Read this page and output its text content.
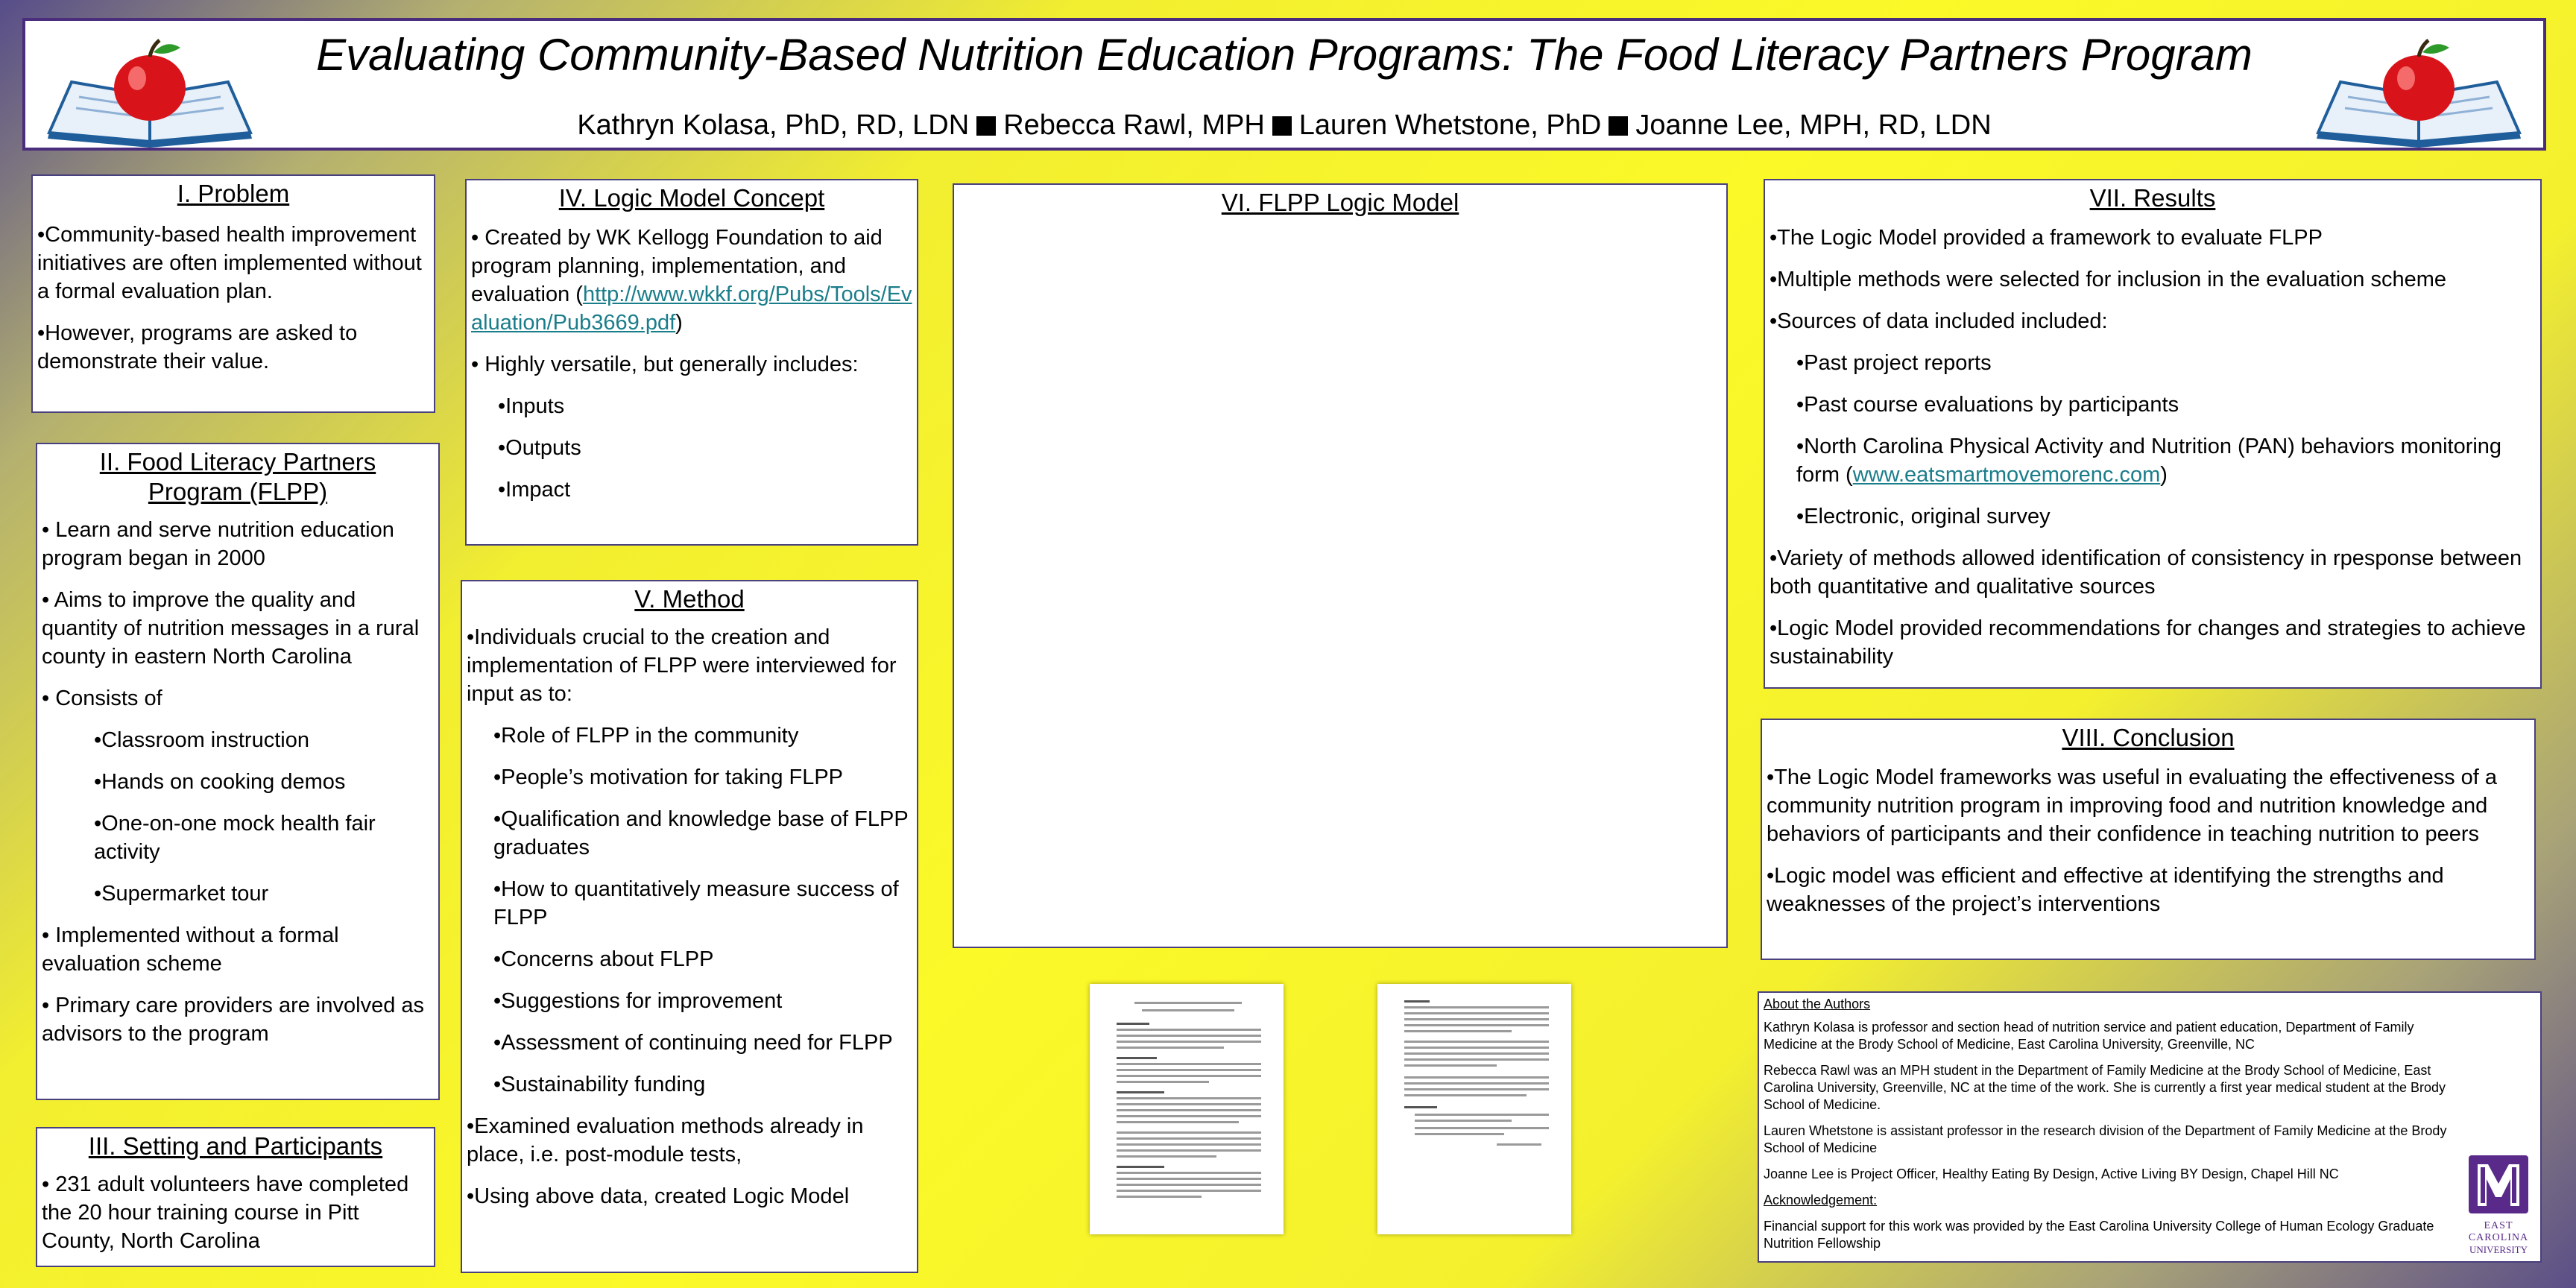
Evaluating Community-Based Nutrition Education Programs: The Food Literacy Partners Program

Kathryn Kolasa, PhD, RD, LDN Rebecca Rawl, MPH Lauren Whetstone, PhD Joanne Lee, MPH, RD, LDN

I. Problem

•Community-based health improvement initiatives are often implemented without a formal evaluation plan.

•However, programs are asked to demonstrate their value.

II. Food Literacy Partners Program (FLPP)

• Learn and serve nutrition education program began in 2000

• Aims to improve the quality and quantity of nutrition messages in a rural county in eastern North Carolina

• Consists of

•Classroom instruction

•Hands on cooking demos

•One-on-one mock health fair activity

•Supermarket tour

• Implemented without a formal evaluation scheme

• Primary care providers are involved as advisors to the program

III. Setting and Participants

• 231 adult volunteers have completed the 20 hour training course in Pitt County, North Carolina

IV. Logic Model Concept

• Created by WK Kellogg Foundation to aid program planning, implementation, and evaluation (http://www.wkkf.org/Pubs/Tools/Evaluation/Pub3669.pdf)

• Highly versatile, but generally includes:

•Inputs

•Outputs

•Impact

V. Method

•Individuals crucial to the creation and implementation of FLPP were interviewed for input as to:

•Role of FLPP in the community

•People’s motivation for taking FLPP

•Qualification and knowledge base of FLPP graduates

•How to quantitatively measure success of FLPP

•Concerns about FLPP

•Suggestions for improvement

•Assessment of continuing need for FLPP

•Sustainability funding

•Examined evaluation methods already in place, i.e. post-module tests,

•Using above data, created Logic Model

VI. FLPP Logic Model	VII. Results

•The Logic Model provided a framework to evaluate FLPP

•Multiple methods were selected for inclusion in the evaluation scheme

•Sources of data included included:

•Past project reports

•Past course evaluations by participants

•North Carolina Physical Activity and Nutrition (PAN) behaviors monitoring form (www.eatsmartmovemorenc.com)

•Electronic, original survey

•Variety of methods allowed identification of consistency in rpesponse between both quantitative and qualitative sources

•Logic Model provided recommendations for changes and strategies to achieve sustainability

VIII. Conclusion

•The Logic Model frameworks was useful in evaluating the effectiveness of a community nutrition program in improving food and nutrition knowledge and behaviors of participants and their confidence in teaching nutrition to peers

•Logic model was efficient and effective at identifying the strengths and weaknesses of the project’s interventions

About the Authors

Kathryn Kolasa is professor and section head of nutrition service and patient education, Department of Family Medicine at the Brody School of Medicine, East Carolina University, Greenville, NC

Rebecca Rawl was an MPH student in the Department of Family Medicine at the Brody School of Medicine, East Carolina University, Greenville, NC at the time of the work. She is currently a first year medical student at the Brody School of Medicine.

Lauren Whetstone is assistant professor in the research division of the Department of Family Medicine at the Brody School of Medicine

Joanne Lee is Project Officer, Healthy Eating By Design, Active Living BY Design, Chapel Hill NC

Acknowledgement:

Financial support for this work was provided by the East Carolina University College of Human Ecology Graduate Nutrition Fellowship

EAST
CAROLINA
UNIVERSITY
